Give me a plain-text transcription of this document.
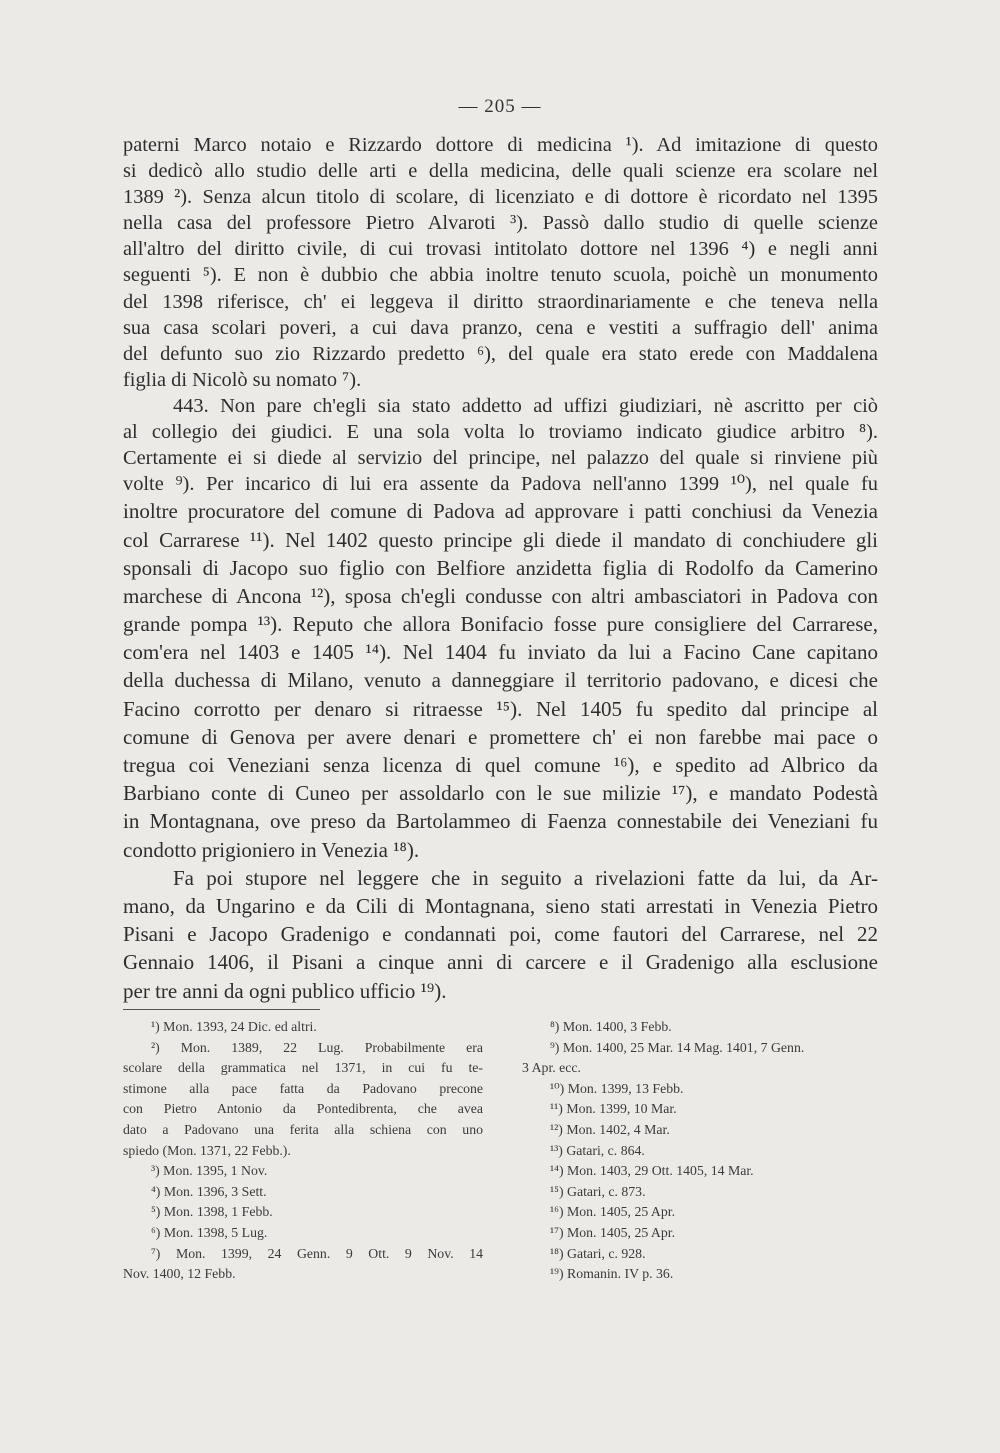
— 205 —
paterni Marco notaio e Rizzardo dottore di medicina ¹). Ad imitazione di questo
si dedicò allo studio delle arti e della medicina, delle quali scienze era scolare nel
1389 ²). Senza alcun titolo di scolare, di licenziato e di dottore è ricordato nel 1395
nella casa del professore Pietro Alvaroti ³). Passò dallo studio di quelle scienze
all'altro del diritto civile, di cui trovasi intitolato dottore nel 1396 ⁴) e negli anni
seguenti ⁵). E non è dubbio che abbia inoltre tenuto scuola, poichè un monumento
del 1398 riferisce, ch' ei leggeva il diritto straordinariamente e che teneva nella
sua casa scolari poveri, a cui dava pranzo, cena e vestiti a suffragio dell' anima
del defunto suo zio Rizzardo predetto ⁶), del quale era stato erede con Maddalena
figlia di Nicolò su nomato ⁷).
443. Non pare ch'egli sia stato addetto ad uffizi giudiziari, nè ascritto per ciò
al collegio dei giudici. E una sola volta lo troviamo indicato giudice arbitro ⁸).
Certamente ei si diede al servizio del principe, nel palazzo del quale si rinviene più
volte ⁹). Per incarico di lui era assente da Padova nell'anno 1399 ¹⁰), nel quale fu
inoltre procuratore del comune di Padova ad approvare i patti conchiusi da Venezia
col Carrarese ¹¹). Nel 1402 questo principe gli diede il mandato di conchiudere gli
sponsali di Jacopo suo figlio con Belfiore anzidetta figlia di Rodolfo da Camerino
marchese di Ancona ¹²), sposa ch'egli condusse con altri ambasciatori in Padova con
grande pompa ¹³). Reputo che allora Bonifacio fosse pure consigliere del Carrarese,
com'era nel 1403 e 1405 ¹⁴). Nel 1404 fu inviato da lui a Facino Cane capitano
della duchessa di Milano, venuto a danneggiare il territorio padovano, e dicesi che
Facino corrotto per denaro si ritraesse ¹⁵). Nel 1405 fu spedito dal principe al
comune di Genova per avere denari e promettere ch' ei non farebbe mai pace o
tregua coi Veneziani senza licenza di quel comune ¹⁶), e spedito ad Albrico da
Barbiano conte di Cuneo per assoldarlo con le sue milizie ¹⁷), e mandato Podestà
in Montagnana, ove preso da Bartolammeo di Faenza connestabile dei Veneziani fu
condotto prigioniero in Venezia ¹⁸).
Fa poi stupore nel leggere che in seguito a rivelazioni fatte da lui, da Ar-
mano, da Ungarino e da Cili di Montagnana, sieno stati arrestati in Venezia Pietro
Pisani e Jacopo Gradenigo e condannati poi, come fautori del Carrarese, nel 22
Gennaio 1406, il Pisani a cinque anni di carcere e il Gradenigo alla esclusione
per tre anni da ogni publico ufficio ¹⁹).
¹) Mon. 1393, 24 Dic. ed altri.
²) Mon. 1389, 22 Lug. Probabilmente era
scolare della grammatica nel 1371, in cui fu te-
stimone alla pace fatta da Padovano precone
con Pietro Antonio da Pontedibrenta, che avea
dato a Padovano una ferita alla schiena con uno
spiedo (Mon. 1371, 22 Febb.).
³) Mon. 1395, 1 Nov.
⁴) Mon. 1396, 3 Sett.
⁵) Mon. 1398, 1 Febb.
⁶) Mon. 1398, 5 Lug.
⁷) Mon. 1399, 24 Genn. 9 Ott. 9 Nov. 14
Nov. 1400, 12 Febb.
⁸) Mon. 1400, 3 Febb.
⁹) Mon. 1400, 25 Mar. 14 Mag. 1401, 7 Genn.
3 Apr. ecc.
¹⁰) Mon. 1399, 13 Febb.
¹¹) Mon. 1399, 10 Mar.
¹²) Mon. 1402, 4 Mar.
¹³) Gatari, c. 864.
¹⁴) Mon. 1403, 29 Ott. 1405, 14 Mar.
¹⁵) Gatari, c. 873.
¹⁶) Mon. 1405, 25 Apr.
¹⁷) Mon. 1405, 25 Apr.
¹⁸) Gatari, c. 928.
¹⁹) Romanin. IV p. 36.
